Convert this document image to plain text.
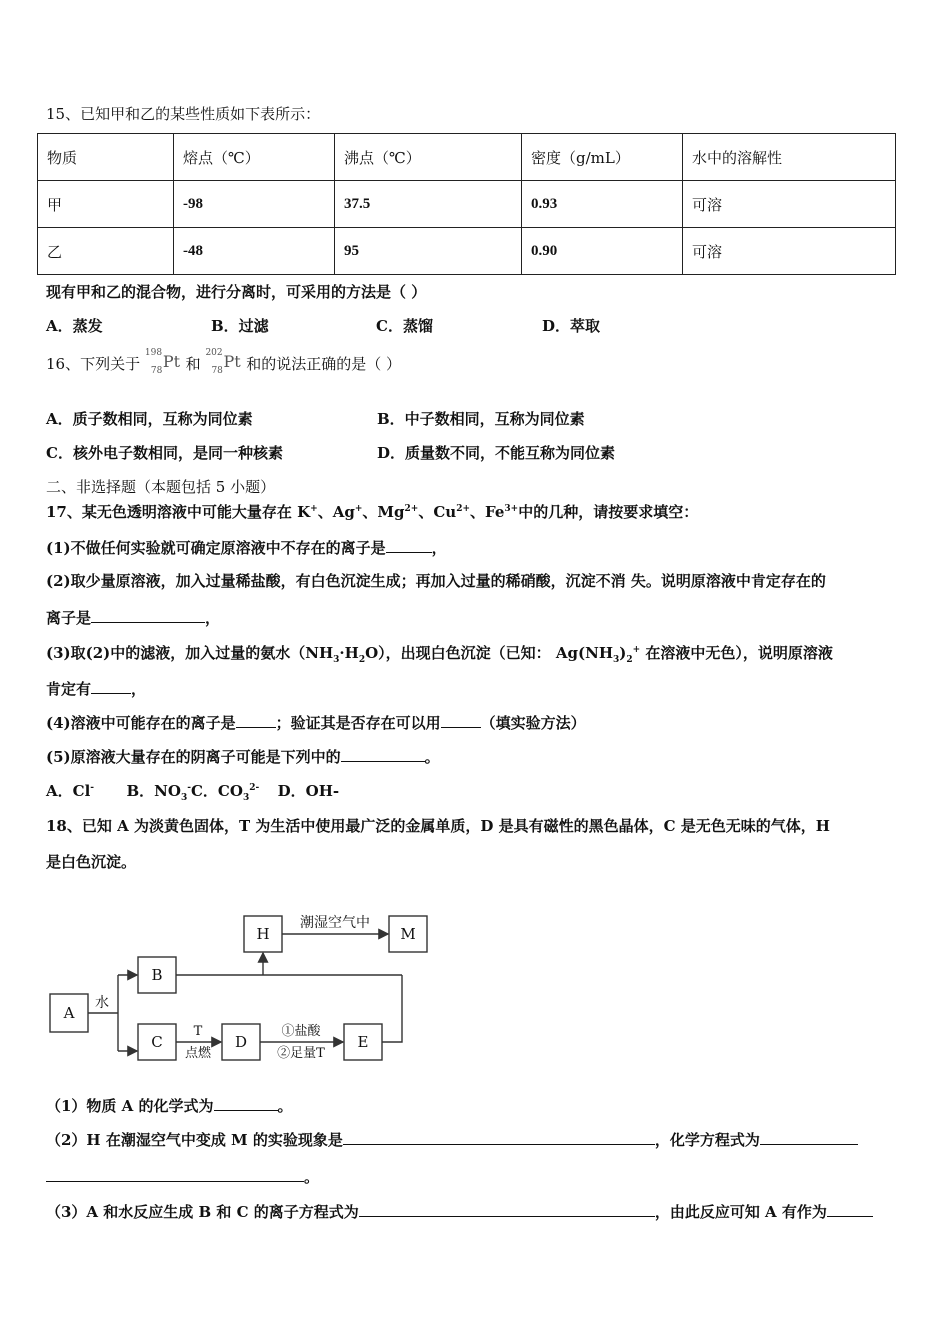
15、已知甲和乙的某些性质如下表所示：
物质	熔点（℃）	沸点（℃）	密度（g/mL）	水中的溶解性
甲	-98	37.5	0.93	可溶
乙	-48	95	0.90	可溶
现有甲和乙的混合物，进行分离时，可采用的方法是（ ）
A．蒸发	B．过滤	C．蒸馏	D．萃取
16、下列关于
198
78 Pt 和
202
78 Pt 和的说法正确的是（ ）
A．质子数相同，互称为同位素	B．中子数相同，互称为同位素
C．核外电子数相同，是同一种核素	D．质量数不同，不能互称为同位素
二、非选择题（本题包括 5 小题）
17、某无色透明溶液中可能大量存在 K+、Ag+、$Mg^{2+}$、$Cu^{2+}$、$Fe^{3+}$中的几种，请按要求填空：
(1)不做任何实验就可确定原溶液中不存在的离子是	，
(2)取少量原溶液，加入过量稀盐酸，有白色沉淀生成；再加入过量的稀硝酸，沉淀不消 失。说明原溶液中肯定存在的
离子是	，
(3)取(2)中的滤液，加入过量的氨水$(NH_3\cdot H_2O)$，出现白色沉淀（已知： $Ag(NH_3)_2^+$ 在溶液中无色），说明原溶液
肯定有	，
(4)溶液中可能存在的离子是	；验证其是否存在可以用	（填实验方法）
(5)原溶液大量存在的阴离子可能是下列中的	。
A．Cl- B．$NO_3^-C$．$CO_3^{2-}$ D．OH-
18、已知 A 为淡黄色固体，T 为生活中使用最广泛的金属单质，D 是具有磁性的黑色晶体，C 是无色无味的气体，H
是白色沉淀。
A
B
C	D	E
H	M
水
潮湿空气中
T
点燃
①盐酸
②足量T
（1）物质 A 的化学式为	。
（2）H 在潮湿空气中变成 M 的实验现象是	，化学方程式为
。
（3）A 和水反应生成 B 和 C 的离子方程式为	，由此反应可知 A 有作为
